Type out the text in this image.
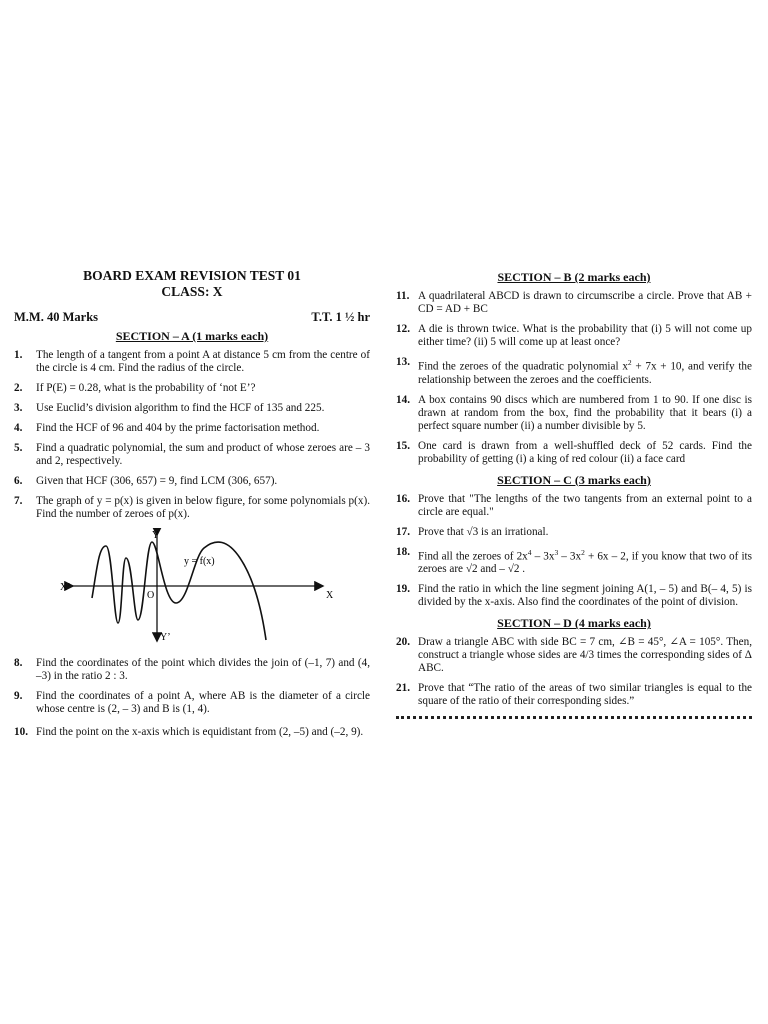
BOARD EXAM REVISION TEST 01
CLASS: X
M.M. 40 Marks	T.T. 1 ½ hr
SECTION – A (1 marks each)
1.	The length of a tangent from a point A at distance 5 cm from the centre of the circle is 4 cm. Find the radius of the circle.
2.	If P(E) = 0.28, what is the probability of ‘not E’?
3.	Use Euclid’s division algorithm to find the HCF of 135 and 225.
4.	Find the HCF of 96 and 404 by the prime factorisation method.
5.	Find a quadratic polynomial, the sum and product of whose zeroes are – 3 and 2, respectively.
6.	Given that HCF (306, 657) = 9, find LCM (306, 657).
7.	The graph of y = p(x) is given in below figure, for some polynomials p(x). Find the number of zeroes of p(x).
y = f(x)
X
X’
Y
Y’
O
8.	Find the coordinates of the point which divides the join of (–1, 7) and (4, –3) in the ratio 2 : 3.
9.	Find the coordinates of a point A, where AB is the diameter of a circle whose centre is (2, – 3) and B is (1, 4).
10. Find the point on the x-axis which is equidistant from (2, –5) and (–2, 9).
SECTION – B (2 marks each)
11. A quadrilateral ABCD is drawn to circumscribe a circle. Prove that AB + CD = AD + BC
12. A die is thrown twice. What is the probability that (i) 5 will not come up either time? (ii) 5 will come up at least once?
13. Find the zeroes of the quadratic polynomial $x^2 + 7x + 10$, and verify the relationship between the zeroes and the coefficients.
14. A box contains 90 discs which are numbered from 1 to 90. If one disc is drawn at random from the box, find the probability that it bears (i) a perfect square number (ii) a number divisible by 5.
15. One card is drawn from a well-shuffled deck of 52 cards. Find the probability of getting (i) a king of red colour (ii) a face card
SECTION – C (3 marks each)
16. Prove that "The lengths of the two tangents from an external point to a circle are equal."
17. Prove that √3 is an irrational.
18. Find all the zeroes of $2x^4 - 3x^3 - 3x^2 + 6x - 2$, if you know that two of its zeroes are √2 and – √2 .
19. Find the ratio in which the line segment joining A(1, – 5) and B(– 4, 5) is divided by the x-axis. Also find the coordinates of the point of division.
SECTION – D (4 marks each)
20. Draw a triangle ABC with side BC = 7 cm, ∠B = 45°, ∠A = 105°. Then, construct a triangle whose sides are 4/3 times the corresponding sides of Δ ABC.
21. Prove that “The ratio of the areas of two similar triangles is equal to the square of the ratio of their corresponding sides.”
